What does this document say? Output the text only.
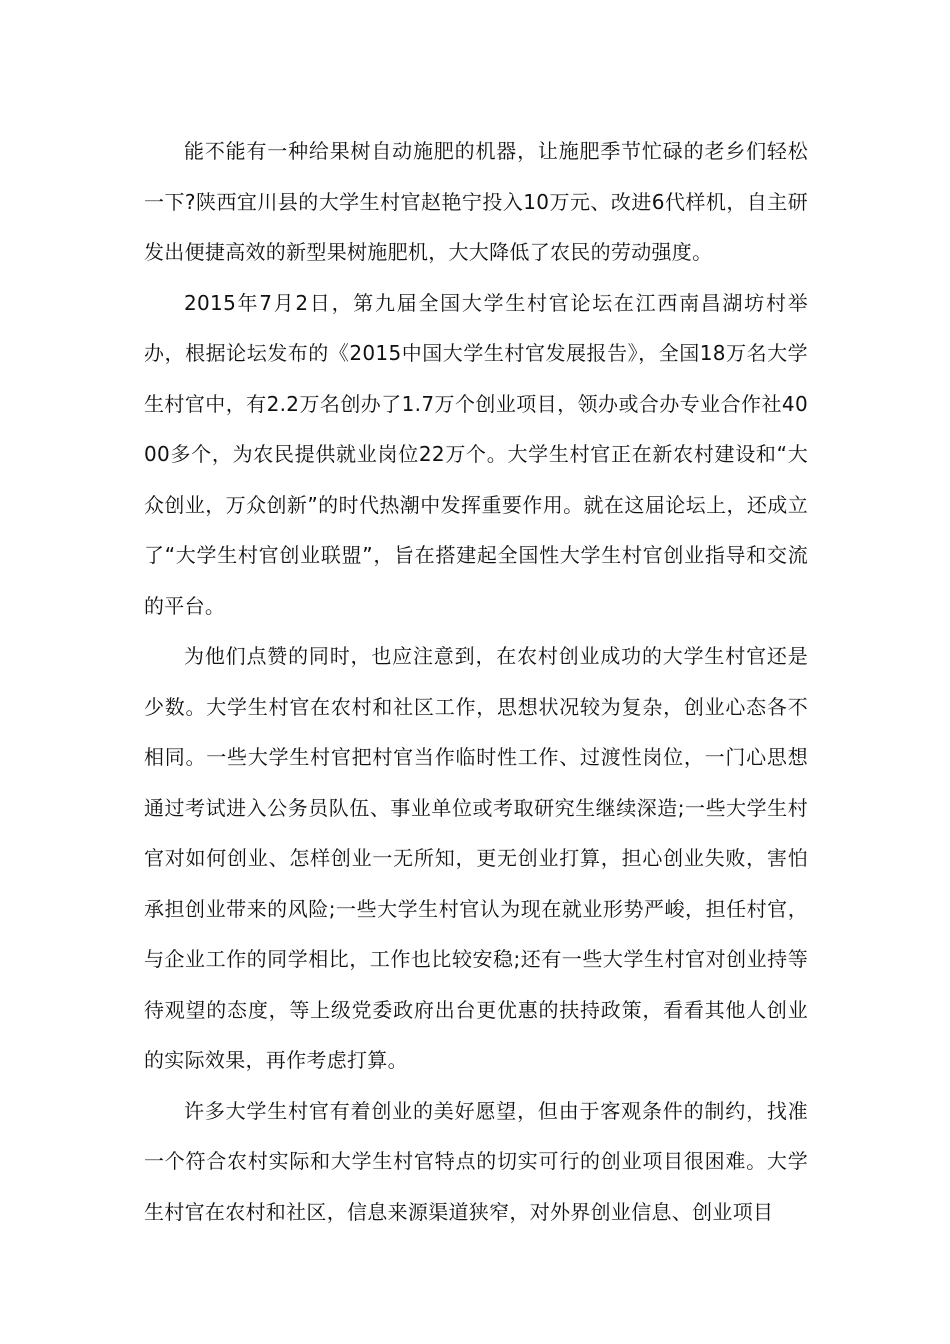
能不能有一种给果树自动施肥的机器，让施肥季节忙碌的老乡们轻松一下?陕西宜川县的大学生村官赵艳宁投入10万元、改进6代样机，自主研发出便捷高效的新型果树施肥机，大大降低了农民的劳动强度。

2015年7月2日，第九届全国大学生村官论坛在江西南昌湖坊村举办，根据论坛发布的《2015中国大学生村官发展报告》，全国18万名大学生村官中，有2.2万名创办了1.7万个创业项目，领办或合办专业合作社4000多个，为农民提供就业岗位22万个。大学生村官正在新农村建设和“大众创业，万众创新”的时代热潮中发挥重要作用。就在这届论坛上，还成立了“大学生村官创业联盟”，旨在搭建起全国性大学生村官创业指导和交流的平台。

为他们点赞的同时，也应注意到，在农村创业成功的大学生村官还是少数。大学生村官在农村和社区工作，思想状况较为复杂，创业心态各不相同。一些大学生村官把村官当作临时性工作、过渡性岗位，一门心思想通过考试进入公务员队伍、事业单位或考取研究生继续深造;一些大学生村官对如何创业、怎样创业一无所知，更无创业打算，担心创业失败，害怕承担创业带来的风险;一些大学生村官认为现在就业形势严峻，担任村官，与企业工作的同学相比，工作也比较安稳;还有一些大学生村官对创业持等待观望的态度，等上级党委政府出台更优惠的扶持政策，看看其他人创业的实际效果，再作考虑打算。

许多大学生村官有着创业的美好愿望，但由于客观条件的制约，找准一个符合农村实际和大学生村官特点的切实可行的创业项目很困难。大学生村官在农村和社区，信息来源渠道狭窄，对外界创业信息、创业项目
